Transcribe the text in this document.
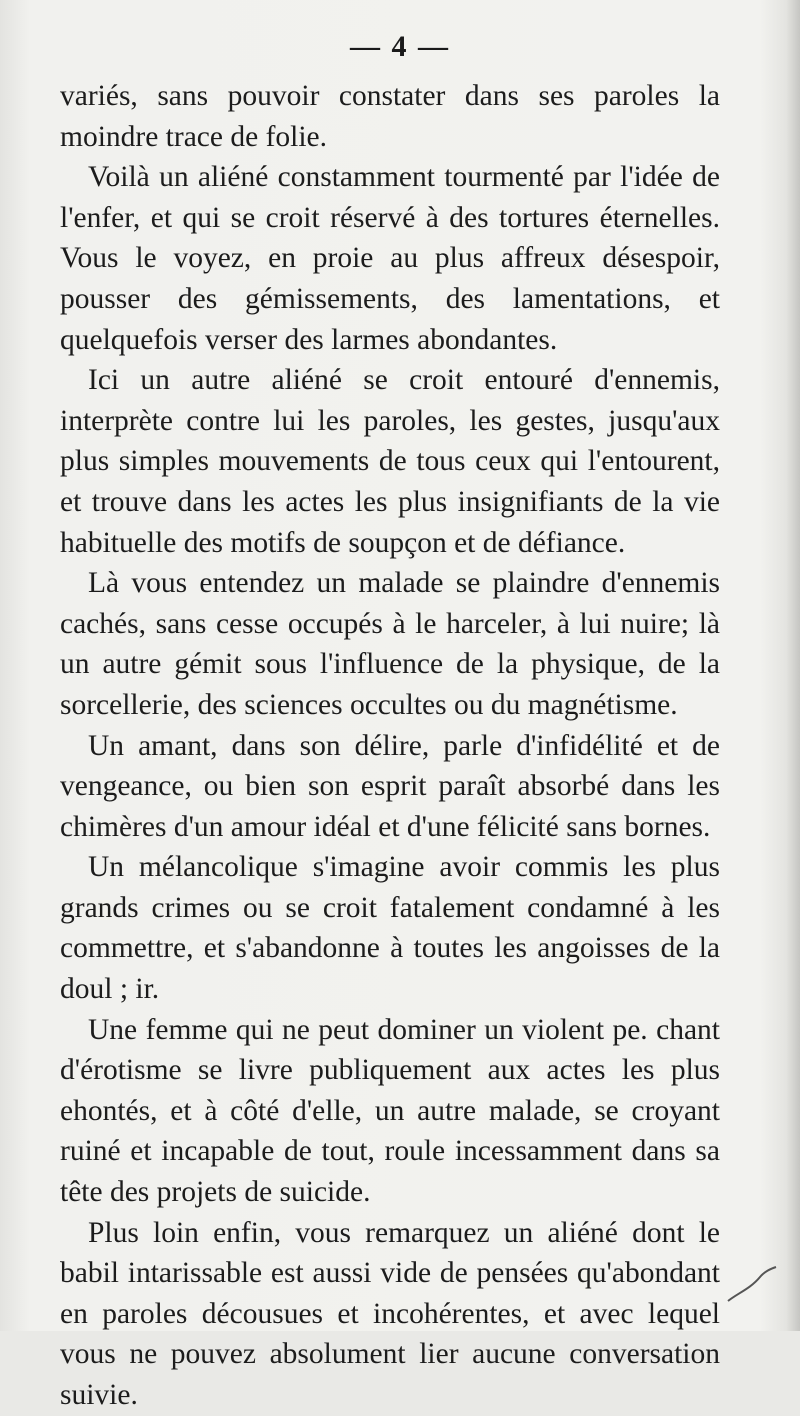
— 4 —

variés, sans pouvoir constater dans ses paroles la moindre trace de folie.

Voilà un aliéné constamment tourmenté par l'idée de l'enfer, et qui se croit réservé à des tortures éternelles. Vous le voyez, en proie au plus affreux désespoir, pousser des gémissements, des lamentations, et quelquefois verser des larmes abondantes.

Ici un autre aliéné se croit entouré d'ennemis, interprète contre lui les paroles, les gestes, jusqu'aux plus simples mouvements de tous ceux qui l'entourent, et trouve dans les actes les plus insignifiants de la vie habituelle des motifs de soupçon et de défiance.

Là vous entendez un malade se plaindre d'ennemis cachés, sans cesse occupés à le harceler, à lui nuire; là un autre gémit sous l'influence de la physique, de la sorcellerie, des sciences occultes ou du magnétisme.

Un amant, dans son délire, parle d'infidélité et de vengeance, ou bien son esprit paraît absorbé dans les chimères d'un amour idéal et d'une félicité sans bornes.

Un mélancolique s'imagine avoir commis les plus grands crimes ou se croit fatalement condamné à les commettre, et s'abandonne à toutes les angoisses de la doul ; ir.

Une femme qui ne peut dominer un violent pe. chant d'érotisme se livre publiquement aux actes les plus ehontés, et à côté d'elle, un autre malade, se croyant ruiné et incapable de tout, roule incessamment dans sa tête des projets de suicide.

Plus loin enfin, vous remarquez un aliéné dont le babil intarissable est aussi vide de pensées qu'abondant en paroles décousues et incohérentes, et avec lequel vous ne pouvez absolument lier aucune conversation suivie.
